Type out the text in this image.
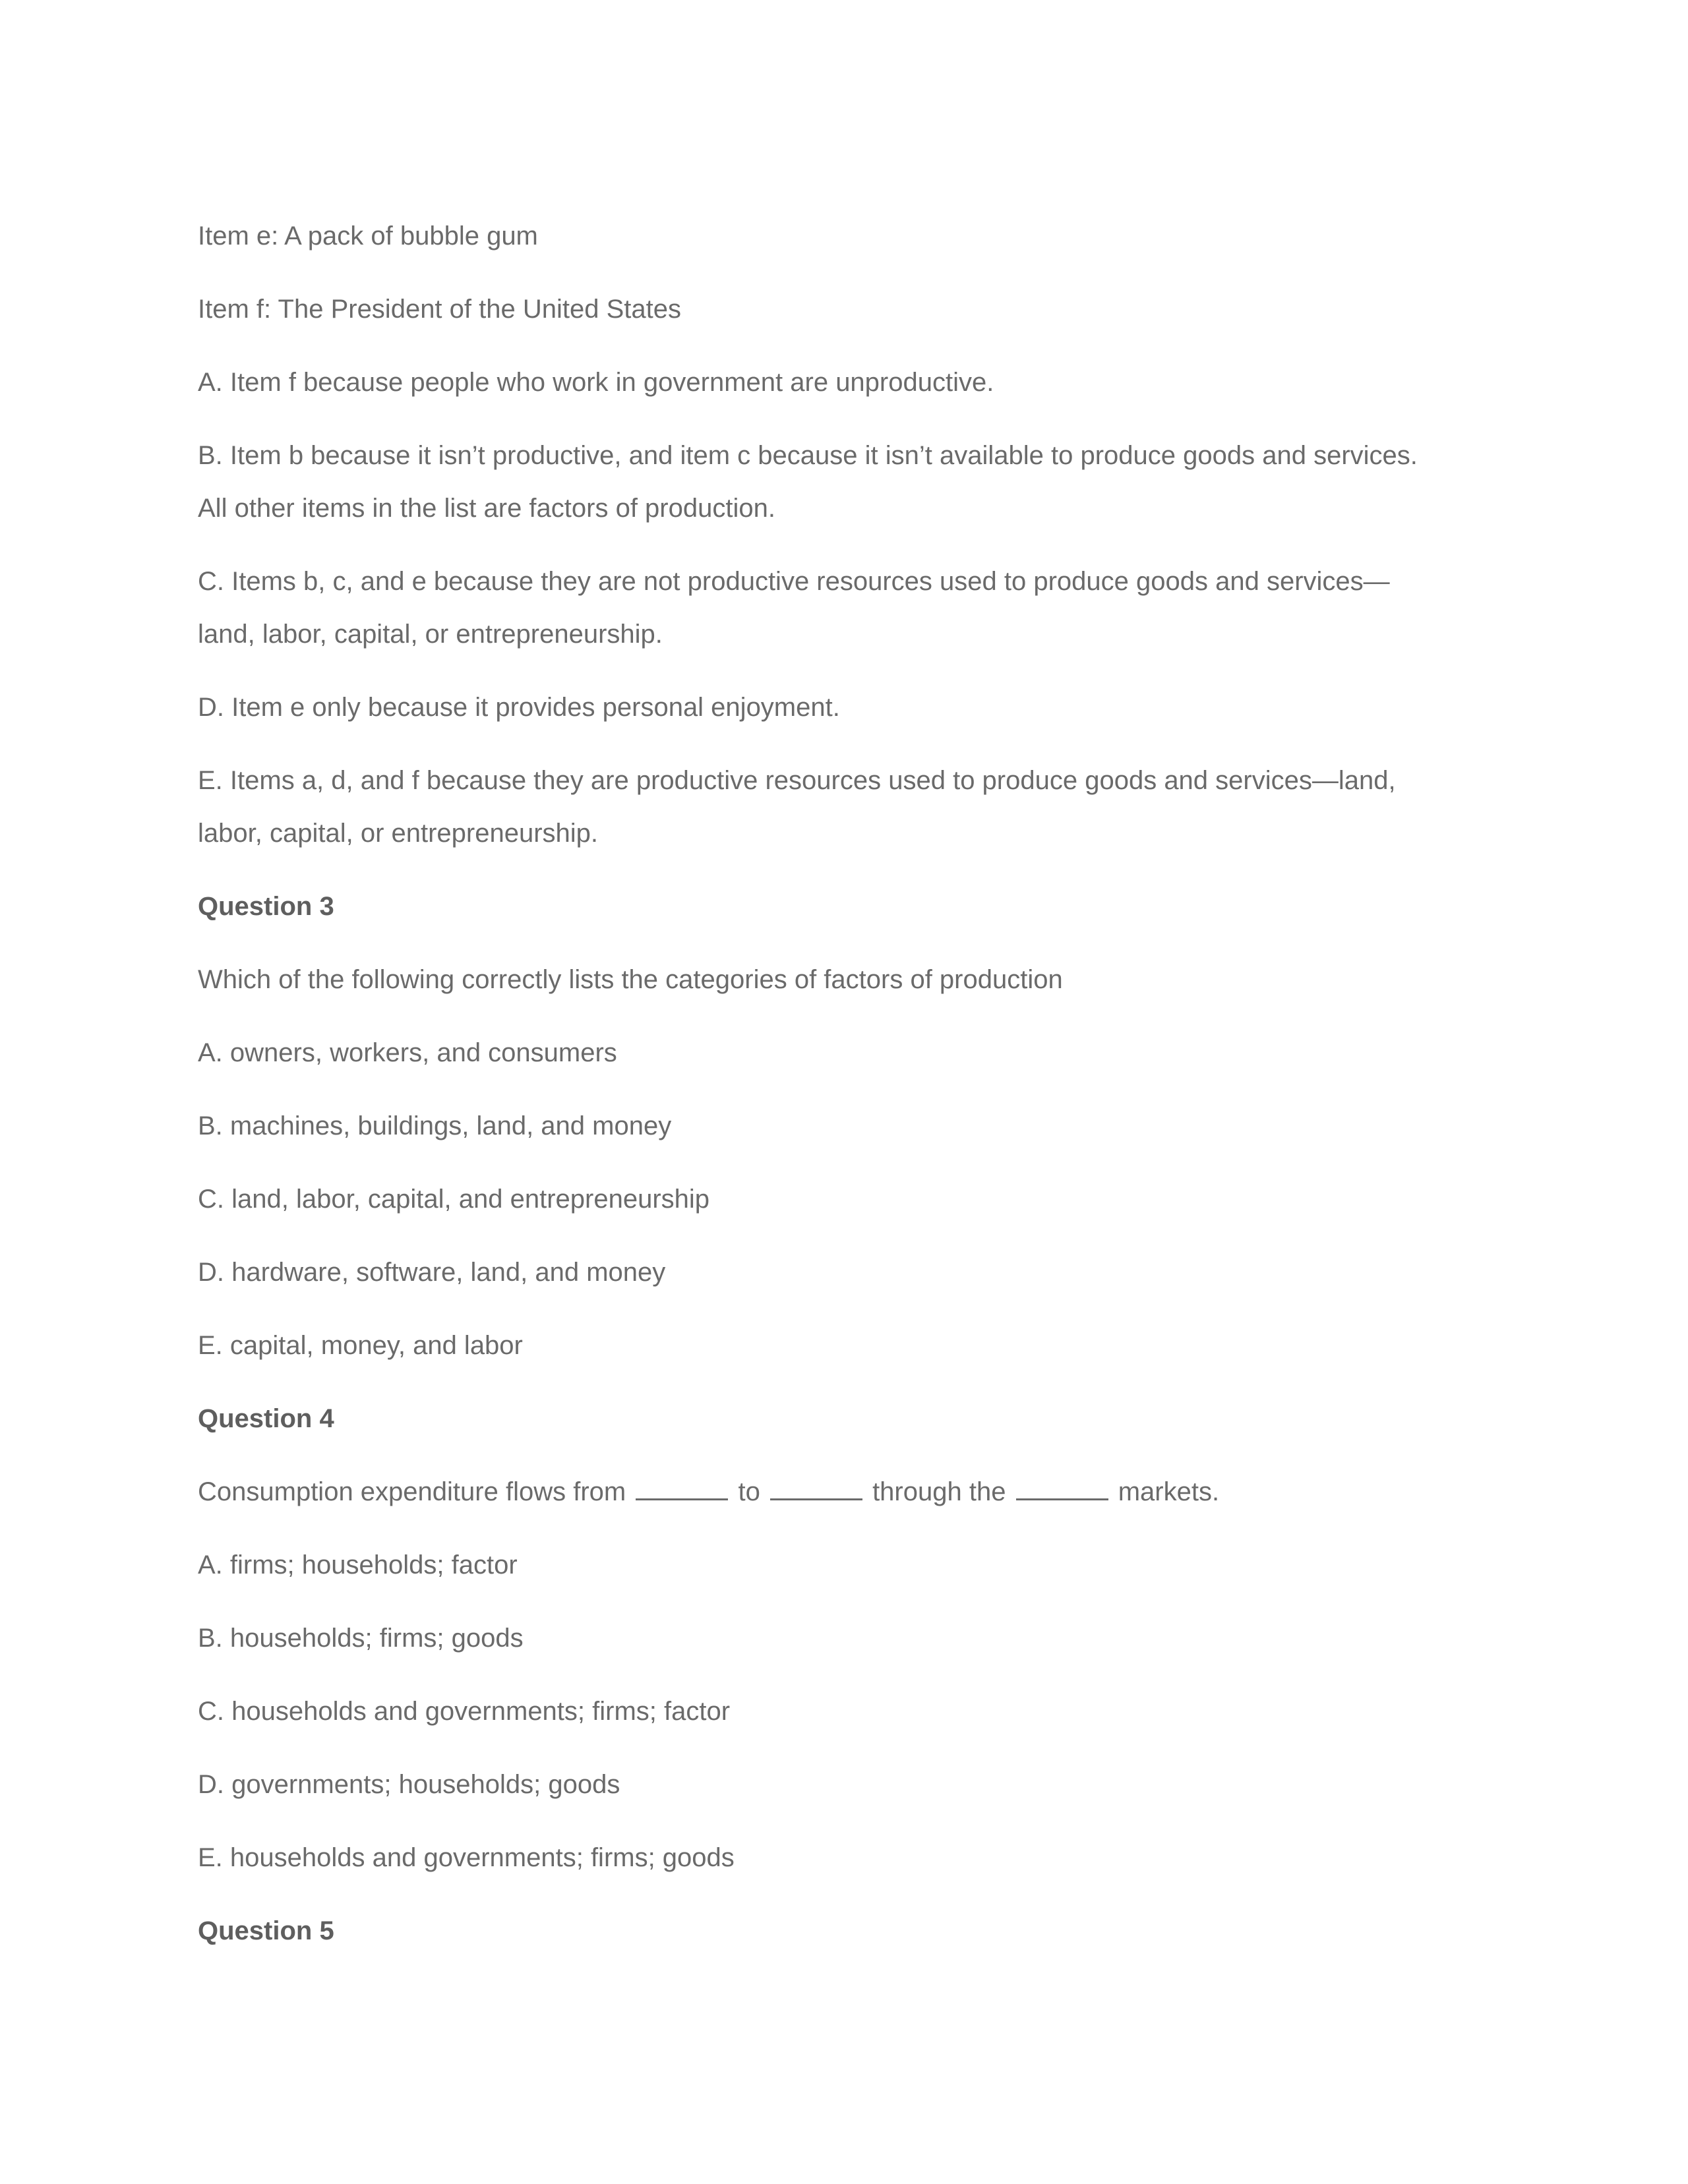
Item e: A pack of bubble gum
Item f: The President of the United States
A. Item f because people who work in government are unproductive.
B. Item b because it isn’t productive, and item c because it isn’t available to produce goods and services.
All other items in the list are factors of production.
C. Items b, c, and e because they are not productive resources used to produce goods and services—
land, labor, capital, or entrepreneurship.
D. Item e only because it provides personal enjoyment.
E. Items a, d, and f because they are productive resources used to produce goods and services—land,
labor, capital, or entrepreneurship.
Question 3
Which of the following correctly lists the categories of factors of production
A. owners, workers, and consumers
B. machines, buildings, land, and money
C. land, labor, capital, and entrepreneurship
D. hardware, software, land, and money
E. capital, money, and labor
Question 4
Consumption expenditure flows from	to	through the	markets.
A. firms; households; factor
B. households; firms; goods
C. households and governments; firms; factor
D. governments; households; goods
E. households and governments; firms; goods
Question 5
